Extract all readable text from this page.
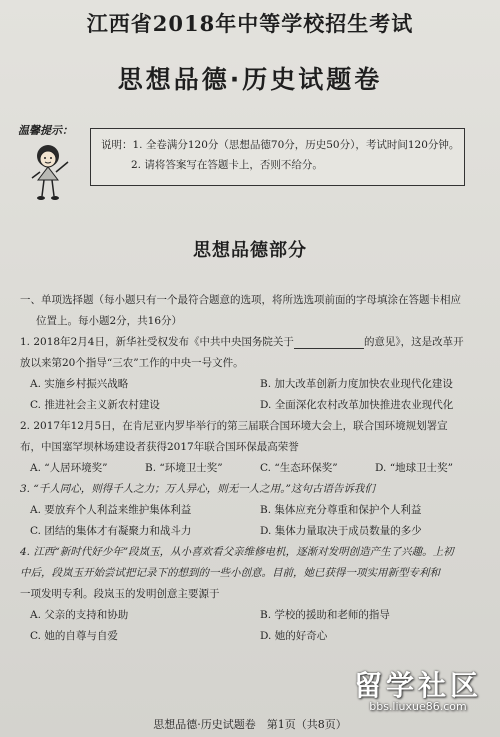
江西省2018年中等学校招生考试
思想品德·历史试题卷
温馨提示：
说明：1. 全卷满分120分（思想品德70分，历史50分），考试时间120分钟。
2. 请将答案写在答题卡上，否则不给分。
思想品德部分
一、单项选择题（每小题只有一个最符合题意的选项，将所选选项前面的字母填涂在答题卡相应
位置上。每小题2分，共16分）
1. 2018年2月4日，新华社受权发布《中共中央国务院关于	的意见》，这是改革开
放以来第20个指导“三农”工作的中央一号文件。
A. 实施乡村振兴战略	B. 加大改革创新力度加快农业现代化建设
C. 推进社会主义新农村建设	D. 全面深化农村改革加快推进农业现代化
2. 2017年12月5日，在肯尼亚内罗毕举行的第三届联合国环境大会上，联合国环境规划署宣
布，中国塞罕坝林场建设者获得2017年联合国环保最高荣誉
A. “人居环境奖”	B. “环境卫士奖”	C. “生态环保奖”	D. “地球卫士奖”
3. “千人同心，则得千人之力；万人异心，则无一人之用。”这句古语告诉我们
A. 要放弃个人利益来维护集体利益	B. 集体应充分尊重和保护个人利益
C. 团结的集体才有凝聚力和战斗力	D. 集体力量取决于成员数量的多少
4. 江西“新时代好少年”段岚玉，从小喜欢看父亲维修电机，逐渐对发明创造产生了兴趣。上初
中后，段岚玉开始尝试把记录下的想到的一些小创意。目前，她已获得一项实用新型专利和
一项发明专利。段岚玉的发明创意主要源于
A. 父亲的支持和协助	B. 学校的援助和老师的指导
C. 她的自尊与自爱	D. 她的好奇心
思想品德·历史试题卷　第1页（共8页）
留学社区
bbs.liuxue86.com
